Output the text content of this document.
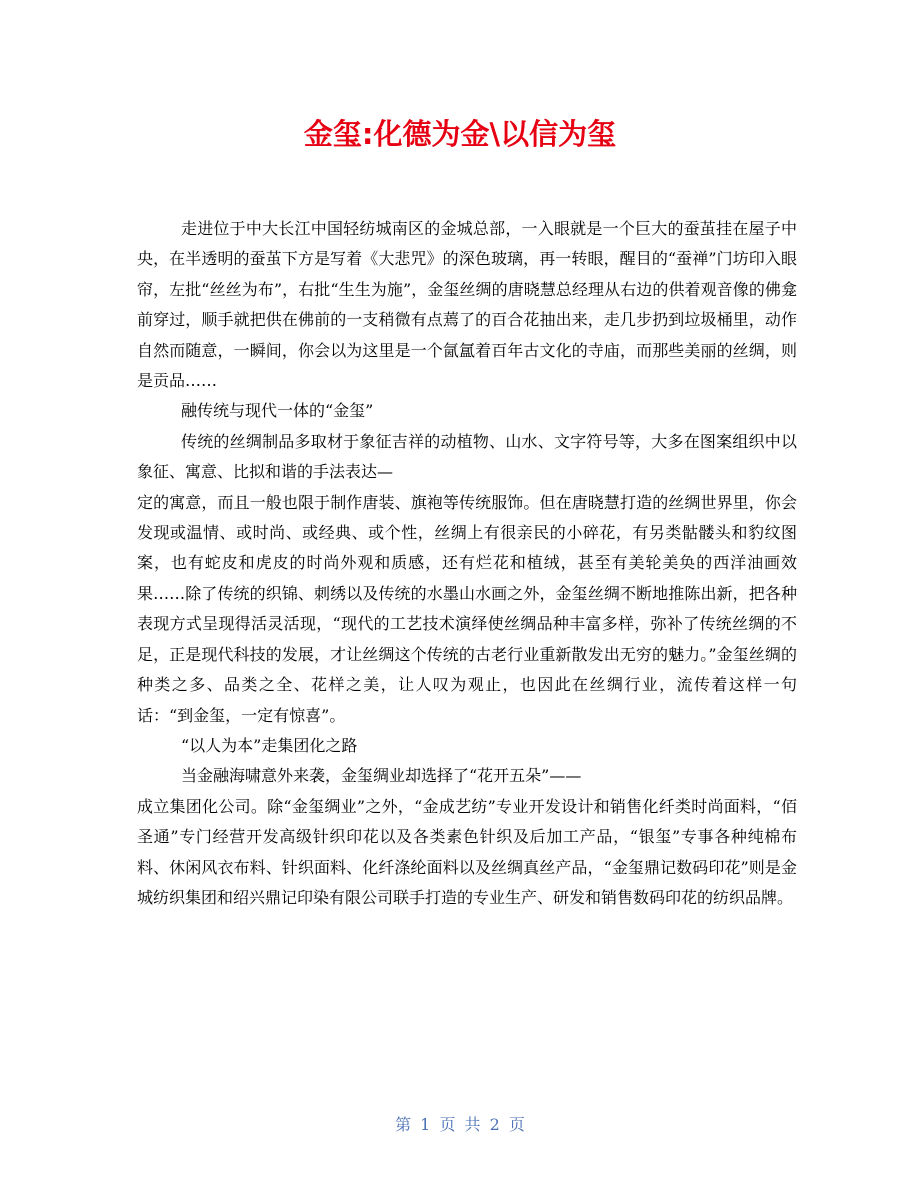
金玺:化德为金\以信为玺

走进位于中大长江中国轻纺城南区的金城总部，一入眼就是一个巨大的蚕茧挂在屋子中央，在半透明的蚕茧下方是写着《大悲咒》的深色玻璃，再一转眼，醒目的“蚕禅”门坊印入眼帘，左批“丝丝为布”，右批“生生为施”，金玺丝绸的唐晓慧总经理从右边的供着观音像的佛龛前穿过，顺手就把供在佛前的一支稍微有点蔫了的百合花抽出来，走几步扔到垃圾桶里，动作自然而随意，一瞬间，你会以为这里是一个氤氲着百年古文化的寺庙，而那些美丽的丝绸，则是贡品……

融传统与现代一体的“金玺”

传统的丝绸制品多取材于象征吉祥的动植物、山水、文字符号等，大多在图案组织中以象征、寓意、比拟和谐的手法表达—

定的寓意，而且一般也限于制作唐装、旗袍等传统服饰。但在唐晓慧打造的丝绸世界里，你会发现或温情、或时尚、或经典、或个性，丝绸上有很亲民的小碎花，有另类骷髅头和豹纹图案，也有蛇皮和虎皮的时尚外观和质感，还有烂花和植绒，甚至有美轮美奂的西洋油画效果……除了传统的织锦、刺绣以及传统的水墨山水画之外，金玺丝绸不断地推陈出新，把各种表现方式呈现得活灵活现，“现代的工艺技术演绎使丝绸品种丰富多样，弥补了传统丝绸的不足，正是现代科技的发展，才让丝绸这个传统的古老行业重新散发出无穷的魅力。”金玺丝绸的种类之多、品类之全、花样之美，让人叹为观止，也因此在丝绸行业，流传着这样一句话：“到金玺，一定有惊喜”。

“以人为本”走集团化之路

当金融海啸意外来袭，金玺绸业却选择了“花开五朵”——

成立集团化公司。除“金玺绸业”之外，“金成艺纺”专业开发设计和销售化纤类时尚面料，“佰圣通”专门经营开发高级针织印花以及各类素色针织及后加工产品，“银玺”专事各种纯棉布料、休闲风衣布料、针织面料、化纤涤纶面料以及丝绸真丝产品，“金玺鼎记数码印花”则是金城纺织集团和绍兴鼎记印染有限公司联手打造的专业生产、研发和销售数码印花的纺织品牌。

第 1 页 共 2 页
